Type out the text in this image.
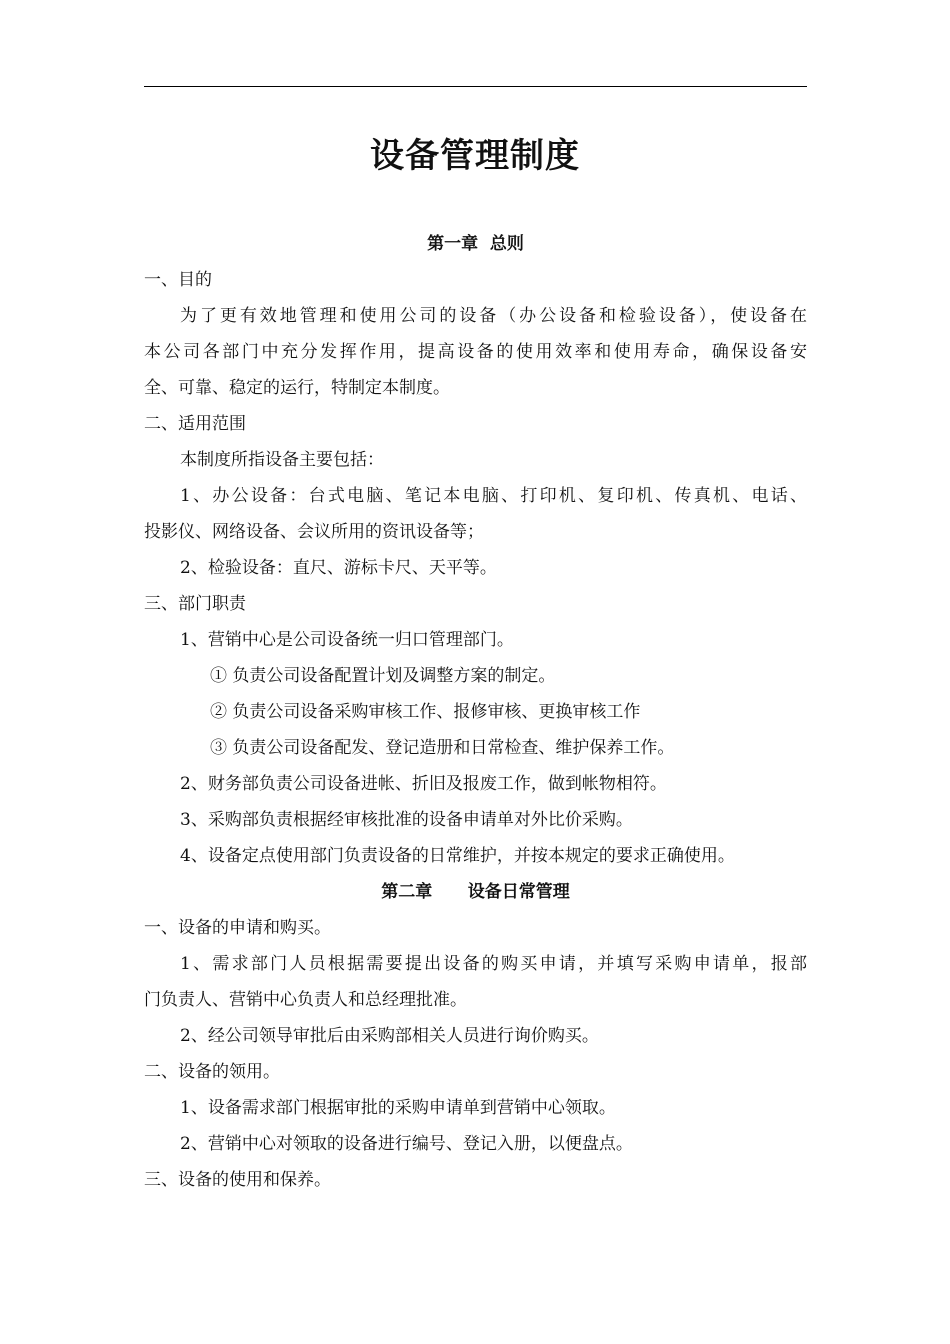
设备管理制度
第一章  总则
一、目的
为了更有效地管理和使用公司的设备（办公设备和检验设备），使设备在
本公司各部门中充分发挥作用，提高设备的使用效率和使用寿命，确保设备安
全、可靠、稳定的运行，特制定本制度。
二、适用范围
本制度所指设备主要包括：
1、办公设备：台式电脑、笔记本电脑、打印机、复印机、传真机、电话、
投影仪、网络设备、会议所用的资讯设备等；
2、检验设备：直尺、游标卡尺、天平等。
三、部门职责
1、营销中心是公司设备统一归口管理部门。
① 负责公司设备配置计划及调整方案的制定。
② 负责公司设备采购审核工作、报修审核、更换审核工作
③ 负责公司设备配发、登记造册和日常检查、维护保养工作。
2、财务部负责公司设备进帐、折旧及报废工作，做到帐物相符。
3、采购部负责根据经审核批准的设备申请单对外比价采购。
4、设备定点使用部门负责设备的日常维护，并按本规定的要求正确使用。
第二章      设备日常管理
一、设备的申请和购买。
1、需求部门人员根据需要提出设备的购买申请，并填写采购申请单，报部
门负责人、营销中心负责人和总经理批准。
2、经公司领导审批后由采购部相关人员进行询价购买。
二、设备的领用。
1、设备需求部门根据审批的采购申请单到营销中心领取。
2、营销中心对领取的设备进行编号、登记入册，以便盘点。
三、设备的使用和保养。
